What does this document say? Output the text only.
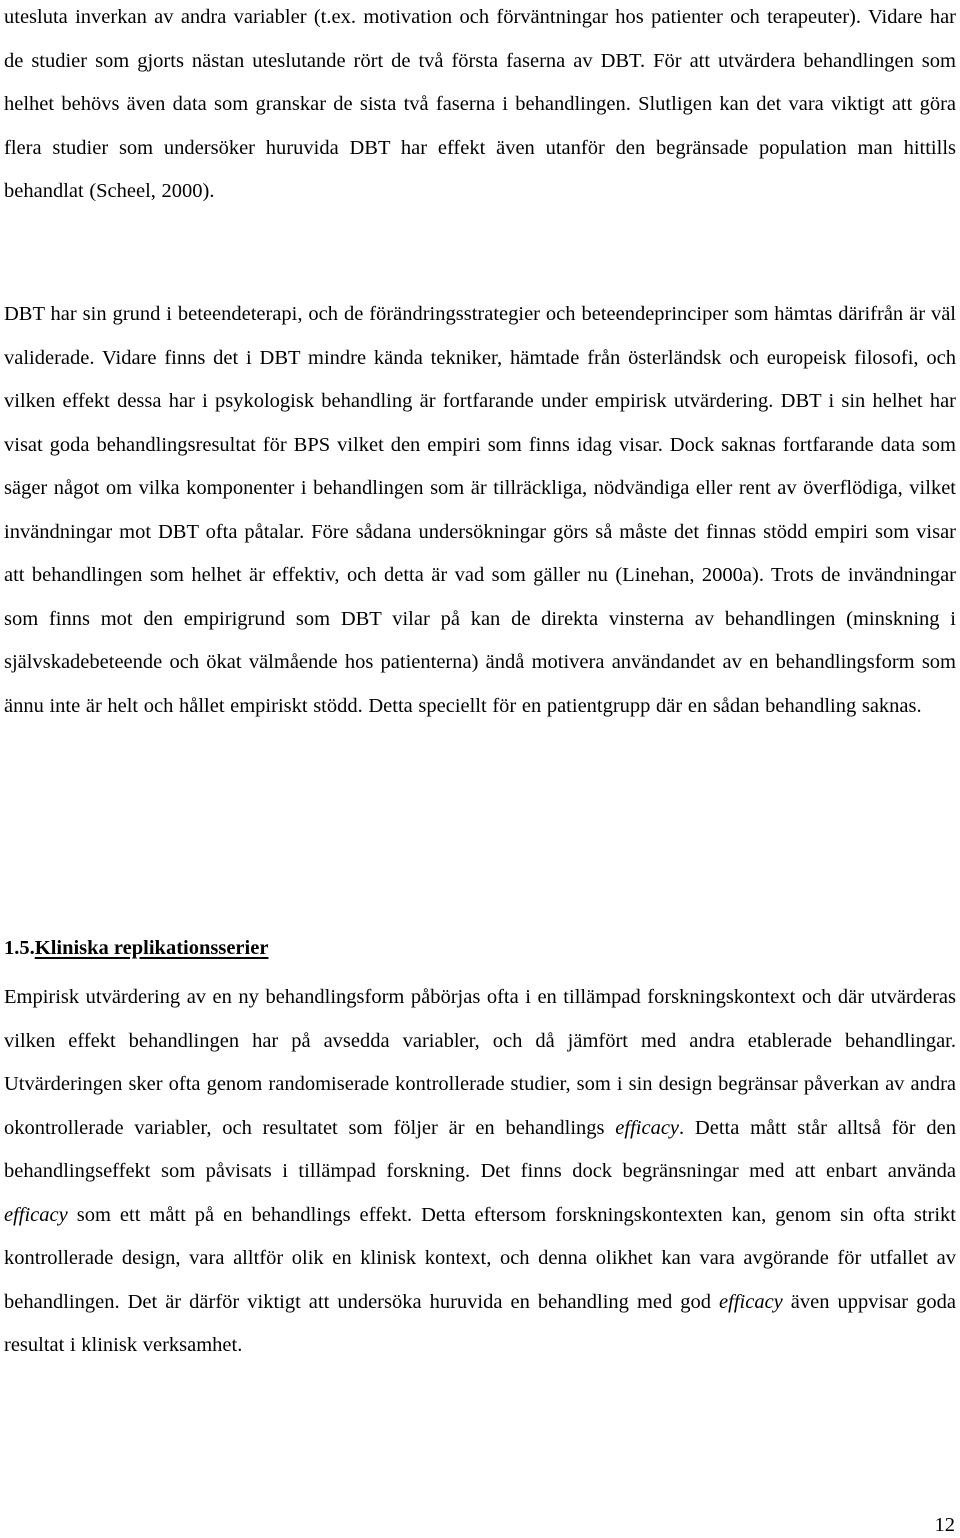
utesluta inverkan av andra variabler (t.ex. motivation och förväntningar hos patienter och terapeuter). Vidare har de studier som gjorts nästan uteslutande rört de två första faserna av DBT. För att utvärdera behandlingen som helhet behövs även data som granskar de sista två faserna i behandlingen. Slutligen kan det vara viktigt att göra flera studier som undersöker huruvida DBT har effekt även utanför den begränsade population man hittills behandlat (Scheel, 2000).

DBT har sin grund i beteendeterapi, och de förändringsstrategier och beteendeprinciper som hämtas därifrån är väl validerade. Vidare finns det i DBT mindre kända tekniker, hämtade från österländsk och europeisk filosofi, och vilken effekt dessa har i psykologisk behandling är fortfarande under empirisk utvärdering. DBT i sin helhet har visat goda behandlingsresultat för BPS vilket den empiri som finns idag visar. Dock saknas fortfarande data som säger något om vilka komponenter i behandlingen som är tillräckliga, nödvändiga eller rent av överflödiga, vilket invändningar mot DBT ofta påtalar. Före sådana undersökningar görs så måste det finnas stödd empiri som visar att behandlingen som helhet är effektiv, och detta är vad som gäller nu (Linehan, 2000a). Trots de invändningar som finns mot den empirigrund som DBT vilar på kan de direkta vinsterna av behandlingen (minskning i självskadebeteende och ökat välmående hos patienterna) ändå motivera användandet av en behandlingsform som ännu inte är helt och hållet empiriskt stödd. Detta speciellt för en patientgrupp där en sådan behandling saknas.

1.5.Kliniska replikationsserier

Empirisk utvärdering av en ny behandlingsform påbörjas ofta i en tillämpad forskningskontext och där utvärderas vilken effekt behandlingen har på avsedda variabler, och då jämfört med andra etablerade behandlingar. Utvärderingen sker ofta genom randomiserade kontrollerade studier, som i sin design begränsar påverkan av andra okontrollerade variabler, och resultatet som följer är en behandlings efficacy. Detta mått står alltså för den behandlingseffekt som påvisats i tillämpad forskning. Det finns dock begränsningar med att enbart använda efficacy som ett mått på en behandlings effekt. Detta eftersom forskningskontexten kan, genom sin ofta strikt kontrollerade design, vara alltför olik en klinisk kontext, och denna olikhet kan vara avgörande för utfallet av behandlingen. Det är därför viktigt att undersöka huruvida en behandling med god efficacy även uppvisar goda resultat i klinisk verksamhet.

12
